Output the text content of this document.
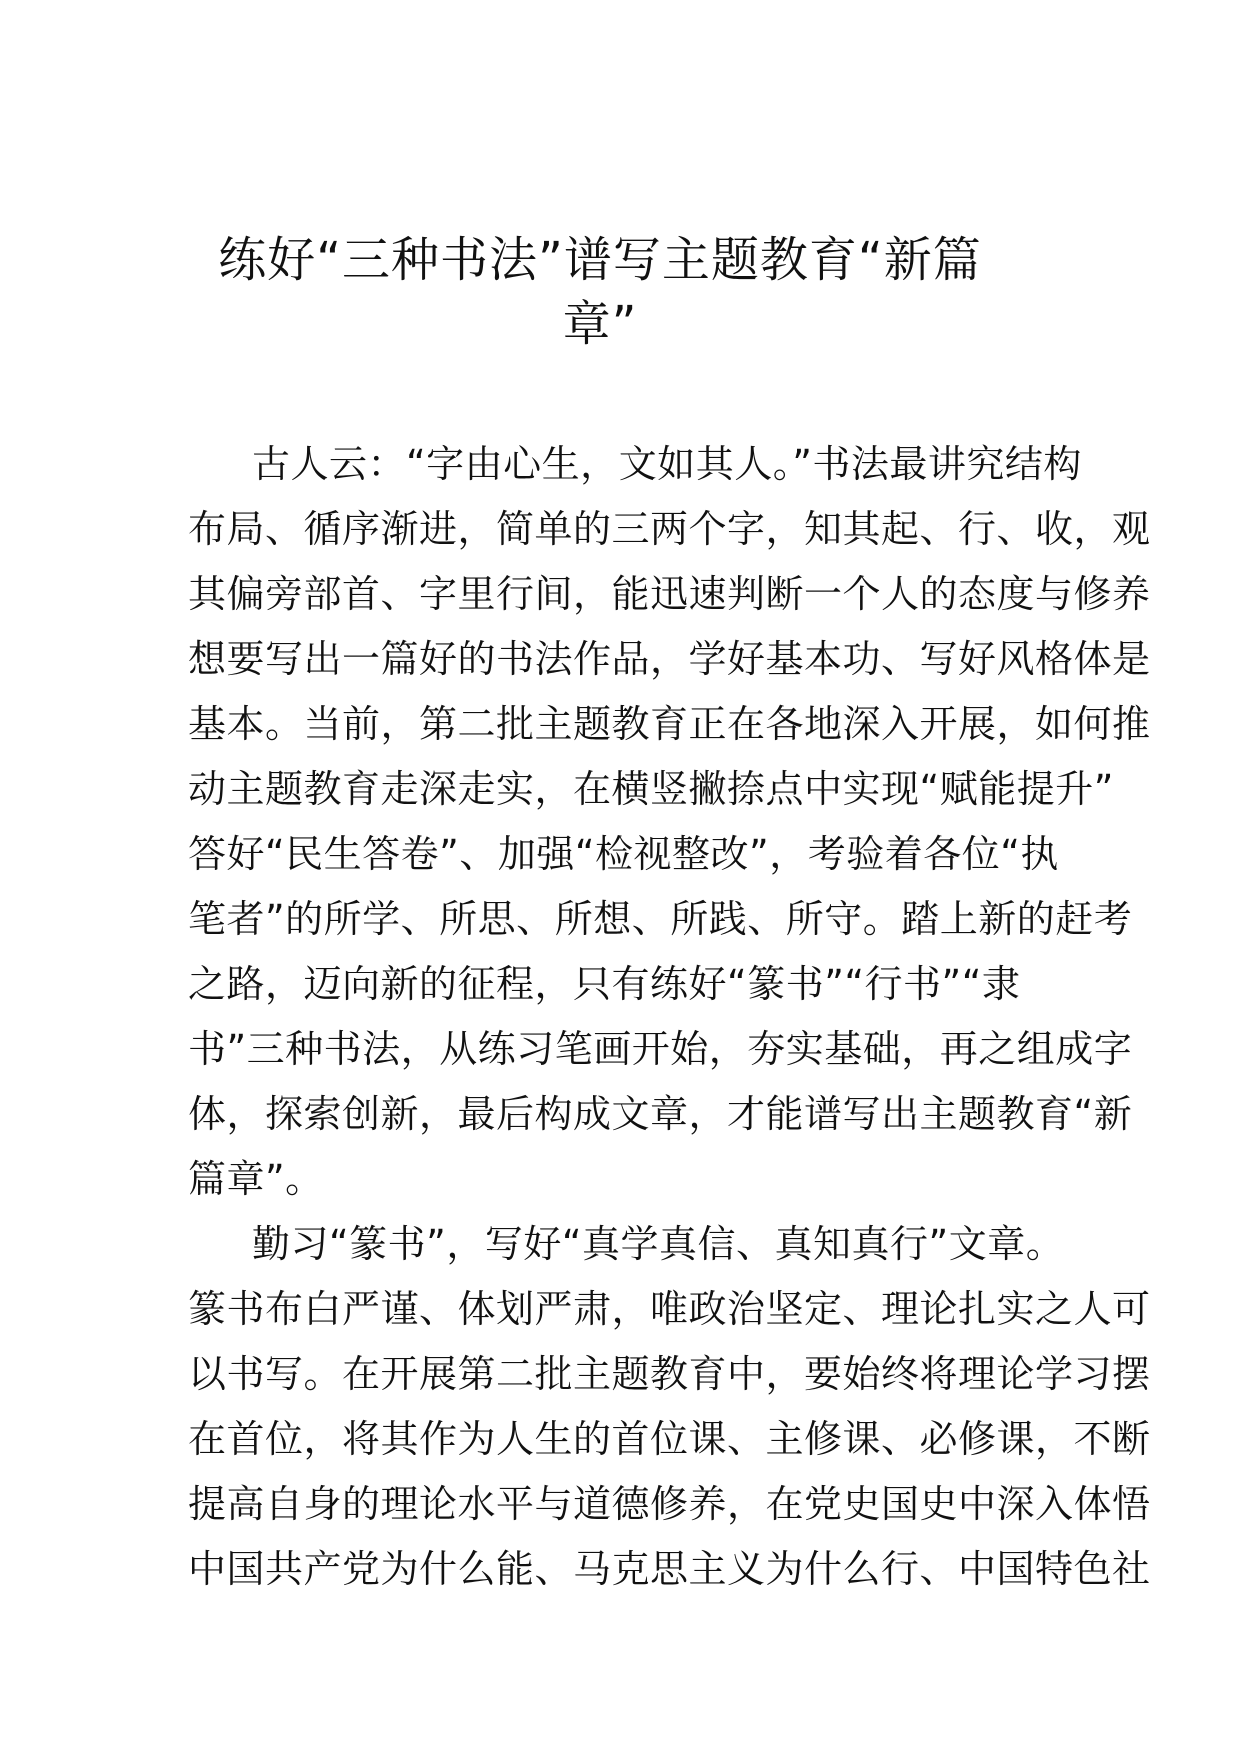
练好“三种书法”谱写主题教育“新篇
章”
古人云：“字由心生，文如其人。”书法最讲究结构
布局、循序渐进，简单的三两个字，知其起、行、收，观
其偏旁部首、字里行间，能迅速判断一个人的态度与修养
想要写出一篇好的书法作品，学好基本功、写好风格体是
基本。当前，第二批主题教育正在各地深入开展，如何推
动主题教育走深走实，在横竖撇捺点中实现“赋能提升”
答好“民生答卷”、加强“检视整改”，考验着各位“执
笔者”的所学、所思、所想、所践、所守。踏上新的赶考
之路，迈向新的征程，只有练好“篆书”“行书”“隶
书”三种书法，从练习笔画开始，夯实基础，再之组成字
体，探索创新，最后构成文章，才能谱写出主题教育“新
篇章”。
勤习“篆书”，写好“真学真信、真知真行”文章。
篆书布白严谨、体划严肃，唯政治坚定、理论扎实之人可
以书写。在开展第二批主题教育中，要始终将理论学习摆
在首位，将其作为人生的首位课、主修课、必修课，不断
提高自身的理论水平与道德修养，在党史国史中深入体悟
中国共产党为什么能、马克思主义为什么行、中国特色社
